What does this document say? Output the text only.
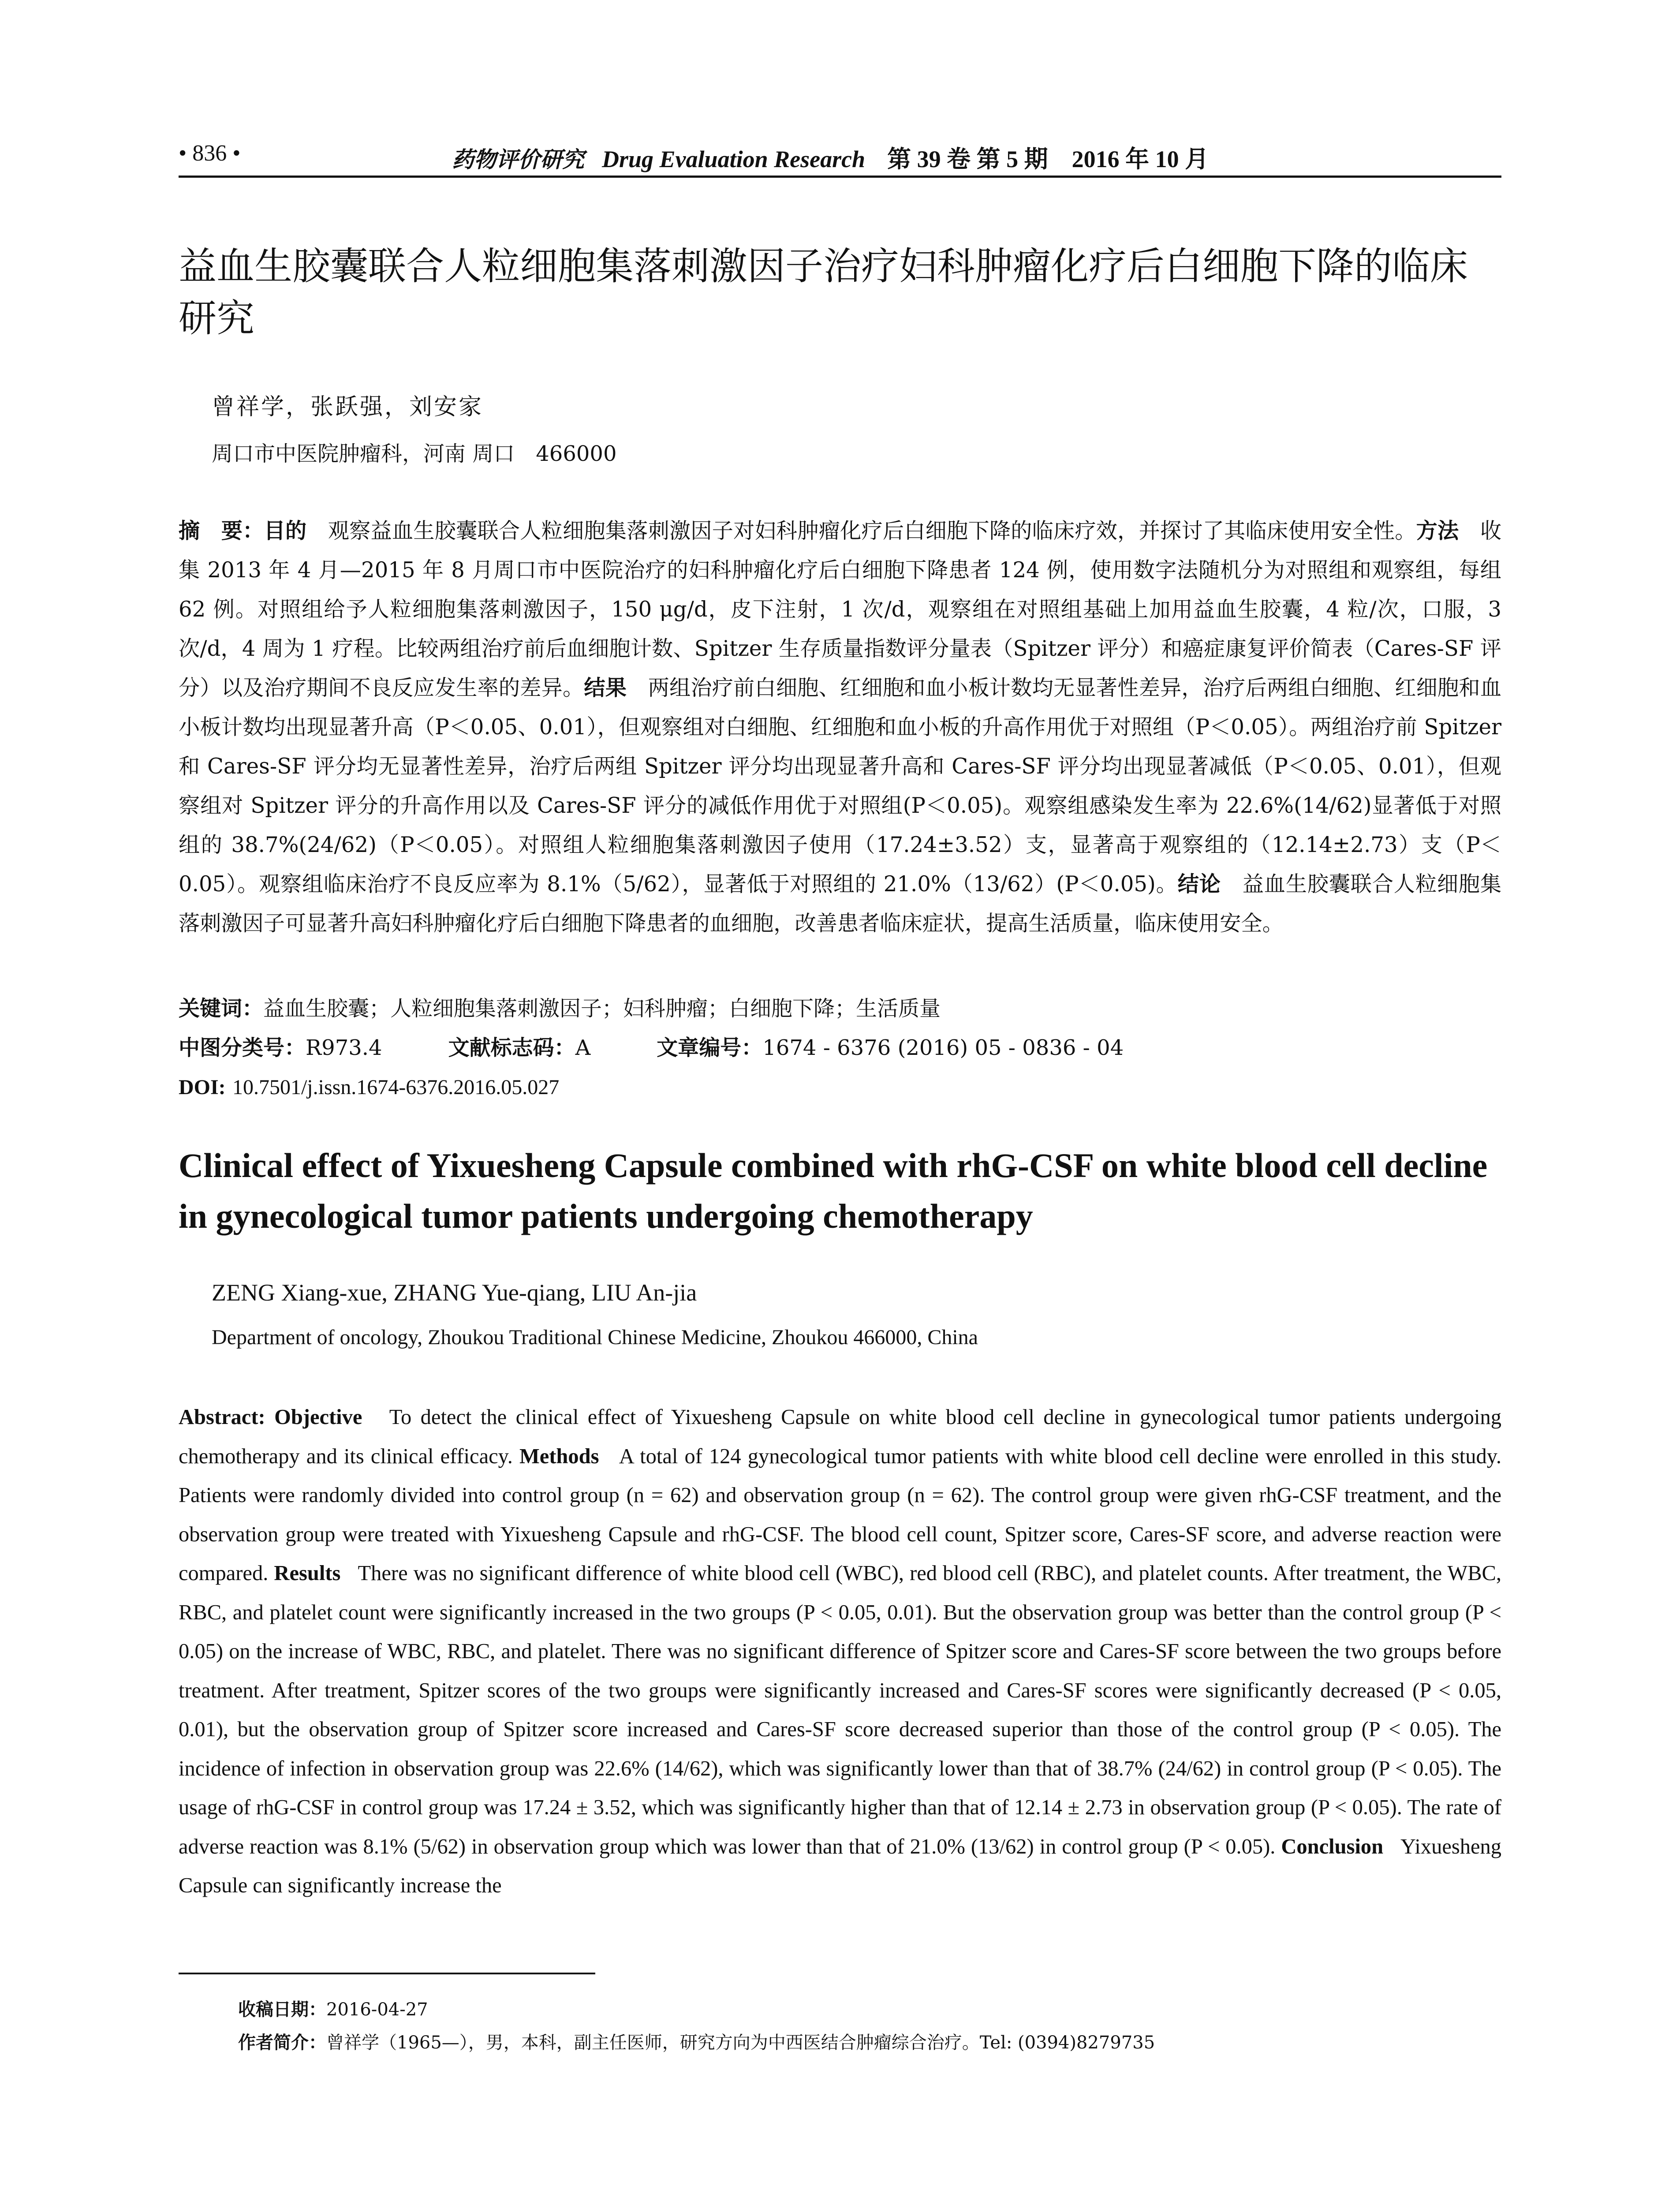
• 836 •	药物评价研究 Drug Evaluation Research 第 39 卷 第 5 期　2016 年 10 月
益血生胶囊联合人粒细胞集落刺激因子治疗妇科肿瘤化疗后白细胞下降的临床研究
曾祥学，张跃强，刘安家
周口市中医院肿瘤科，河南 周口　466000
摘　要：目的　 观察益血生胶囊联合人粒细胞集落刺激因子对妇科肿瘤化疗后白细胞下降的临床疗效，并探讨了其临床使用安全性。方法　 收集 2013 年 4 月—2015 年 8 月周口市中医院治疗的妇科肿瘤化疗后白细胞下降患者 124 例，使用数字法随机分为对照组和观察组，每组 62 例。对照组给予人粒细胞集落刺激因子，150 μg/d，皮下注射，1 次/d，观察组在对照组基础上加用益血生胶囊，4 粒/次，口服，3 次/d，4 周为 1 疗程。比较两组治疗前后血细胞计数、Spitzer 生存质量指数评分量表（Spitzer 评分）和癌症康复评价简表（Cares-SF 评分）以及治疗期间不良反应发生率的差异。结果　 两组治疗前白细胞、红细胞和血小板计数均无显著性差异，治疗后两组白细胞、红细胞和血小板计数均出现显著升高（P＜0.05、0.01），但观察组对白细胞、红细胞和血小板的升高作用优于对照组（P＜0.05）。两组治疗前 Spitzer 和 Cares-SF 评分均无显著性差异，治疗后两组 Spitzer 评分均出现显著升高和 Cares-SF 评分均出现显著减低（P＜0.05、0.01），但观察组对 Spitzer 评分的升高作用以及 Cares-SF 评分的减低作用优于对照组(P＜0.05)。观察组感染发生率为 22.6%(14/62)显著低于对照组的 38.7%(24/62)（P＜0.05）。对照组人粒细胞集落刺激因子使用（17.24±3.52）支，显著高于观察组的（12.14±2.73）支（P＜0.05）。观察组临床治疗不良反应率为 8.1%（5/62），显著低于对照组的 21.0%（13/62）(P＜0.05)。结论　 益血生胶囊联合人粒细胞集落刺激因子可显著升高妇科肿瘤化疗后白细胞下降患者的血细胞，改善患者临床症状，提高生活质量，临床使用安全。
关键词：益血生胶囊；人粒细胞集落刺激因子；妇科肿瘤；白细胞下降；生活质量
中图分类号：R973.4	文献标志码：A	文章编号：1674 - 6376 (2016) 05 - 0836 - 04
DOI: 10.7501/j.issn.1674-6376.2016.05.027
Clinical effect of Yixuesheng Capsule combined with rhG-CSF on white blood cell decline in gynecological tumor patients undergoing chemotherapy
ZENG Xiang-xue, ZHANG Yue-qiang, LIU An-jia
Department of oncology, Zhoukou Traditional Chinese Medicine, Zhoukou 466000, China
Abstract: Objective To detect the clinical effect of Yixuesheng Capsule on white blood cell decline in gynecological tumor patients undergoing chemotherapy and its clinical efficacy. Methods A total of 124 gynecological tumor patients with white blood cell decline were enrolled in this study. Patients were randomly divided into control group (n = 62) and observation group (n = 62). The control group were given rhG-CSF treatment, and the observation group were treated with Yixuesheng Capsule and rhG-CSF. The blood cell count, Spitzer score, Cares-SF score, and adverse reaction were compared. Results There was no significant difference of white blood cell (WBC), red blood cell (RBC), and platelet counts. After treatment, the WBC, RBC, and platelet count were significantly increased in the two groups (P < 0.05, 0.01). But the observation group was better than the control group (P < 0.05) on the increase of WBC, RBC, and platelet. There was no significant difference of Spitzer score and Cares-SF score between the two groups before treatment. After treatment, Spitzer scores of the two groups were significantly increased and Cares-SF scores were significantly decreased (P < 0.05, 0.01), but the observation group of Spitzer score increased and Cares-SF score decreased superior than those of the control group (P < 0.05). The incidence of infection in observation group was 22.6% (14/62), which was significantly lower than that of 38.7% (24/62) in control group (P < 0.05). The usage of rhG-CSF in control group was 17.24 ± 3.52, which was significantly higher than that of 12.14 ± 2.73 in observation group (P < 0.05). The rate of adverse reaction was 8.1% (5/62) in observation group which was lower than that of 21.0% (13/62) in control group (P < 0.05). Conclusion Yixuesheng Capsule can significantly increase the
收稿日期：2016-04-27
作者简介：曾祥学（1965—），男，本科，副主任医师，研究方向为中西医结合肿瘤综合治疗。Tel: (0394)8279735
